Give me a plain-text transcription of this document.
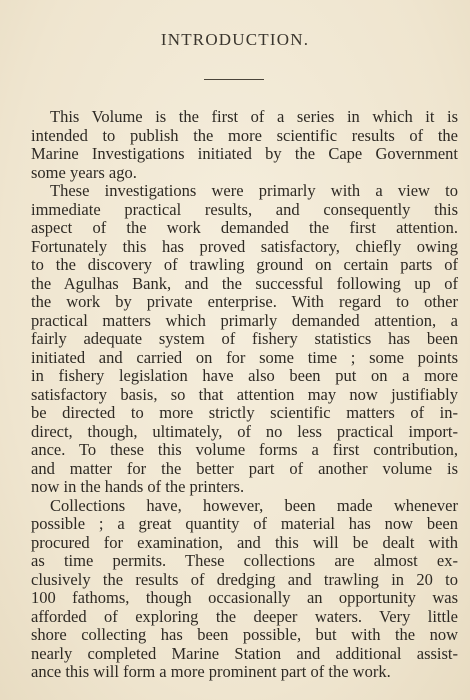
INTRODUCTION.
This Volume is the first of a series in which it is
intended to publish the more scientific results of the
Marine Investigations initiated by the Cape Government
some years ago.
These investigations were primarly with a view to
immediate practical results, and consequently this
aspect of the work demanded the first attention.
Fortunately this has proved satisfactory, chiefly owing
to the discovery of trawling ground on certain parts of
the Agulhas Bank, and the successful following up of
the work by private enterprise. With regard to other
practical matters which primarly demanded attention, a
fairly adequate system of fishery statistics has been
initiated and carried on for some time ; some points
in fishery legislation have also been put on a more
satisfactory basis, so that attention may now justifiably
be directed to more strictly scientific matters of in-
direct, though, ultimately, of no less practical import-
ance. To these this volume forms a first contribution,
and matter for the better part of another volume is
now in the hands of the printers.
Collections have, however, been made whenever
possible ; a great quantity of material has now been
procured for examination, and this will be dealt with
as time permits. These collections are almost ex-
clusively the results of dredging and trawling in 20 to
100 fathoms, though occasionally an opportunity was
afforded of exploring the deeper waters. Very little
shore collecting has been possible, but with the now
nearly completed Marine Station and additional assist-
ance this will form a more prominent part of the work.
